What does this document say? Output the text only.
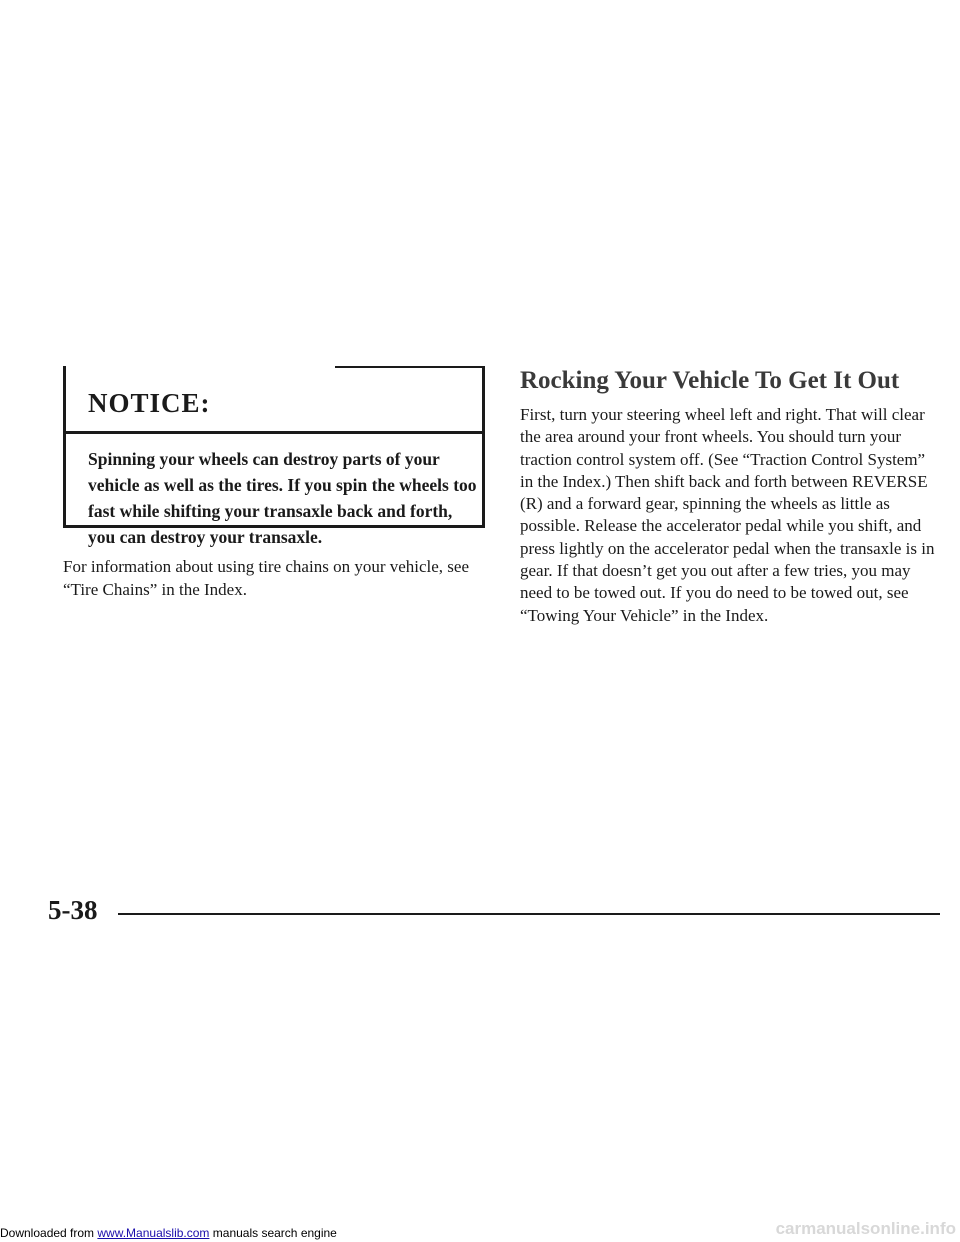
NOTICE:
Spinning your wheels can destroy parts of your vehicle as well as the tires. If you spin the wheels too fast while shifting your transaxle back and forth, you can destroy your transaxle.
For information about using tire chains on your vehicle, see “Tire Chains” in the Index.
Rocking Your Vehicle To Get It Out
First, turn your steering wheel left and right. That will clear the area around your front wheels. You should turn your traction control system off. (See “Traction Control System” in the Index.) Then shift back and forth between REVERSE (R) and a forward gear, spinning the wheels as little as possible. Release the accelerator pedal while you shift, and press lightly on the accelerator pedal when the transaxle is in gear. If that doesn’t get you out after a few tries, you may need to be towed out. If you do need to be towed out, see “Towing Your Vehicle” in the Index.
5-38
Downloaded from www.Manualslib.com manuals search engine	carmanualsonline.info
